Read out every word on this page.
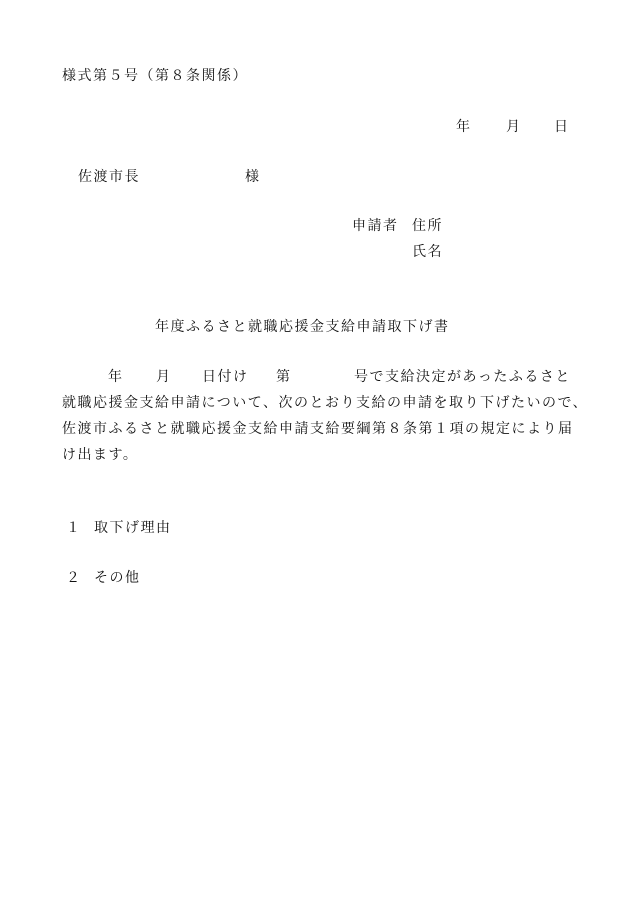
様式第５号（第８条関係）
年 月 日
佐渡市長	様
申請者 住所
氏名
年度ふるさと就職応援金支給申請取下げ書
年 月 日付け 第	号で支給決定があったふるさと
就職応援金支給申請について、次のとおり支給の申請を取り下げたいので、
佐渡市ふるさと就職応援金支給申請支給要綱第８条第１項の規定により届
け出ます。
１ 取下げ理由
２ その他
